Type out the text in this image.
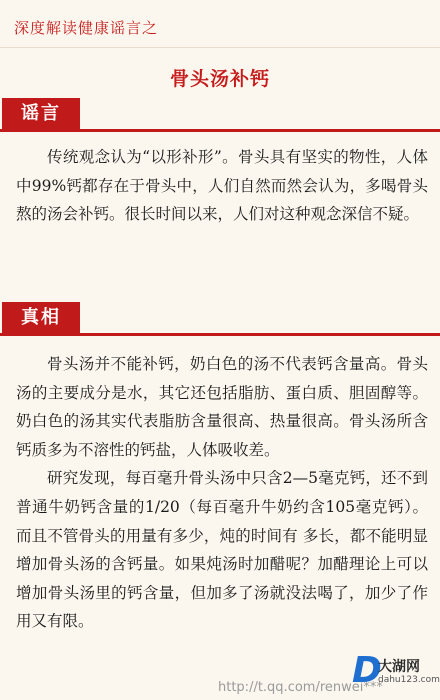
深度解读健康谣言之
骨头汤补钙
谣言

传统观念认为“以形补形”。骨头具有坚实的物性，人体中99%钙都存在于骨头中，人们自然而然会认为，多喝骨头熬的汤会补钙。很长时间以来，人们对这种观念深信不疑。

真相

骨头汤并不能补钙，奶白色的汤不代表钙含量高。骨头汤的主要成分是水，其它还包括脂肪、蛋白质、胆固醇等。奶白色的汤其实代表脂肪含量很高、热量很高。骨头汤所含钙质多为不溶性的钙盐，人体吸收差。

研究发现，每百毫升骨头汤中只含2—5毫克钙，还不到普通牛奶钙含量的1/20（每百毫升牛奶约含105毫克钙）。而且不管骨头的用量有多少，炖的时间有 多长，都不能明显增加骨头汤的含钙量。如果炖汤时加醋呢？加醋理论上可以增加骨头汤里的钙含量，但加多了汤就没法喝了，加少了作用又有限。

http://t.qq.com/renwei***
D
大湖网
dahu123.com
